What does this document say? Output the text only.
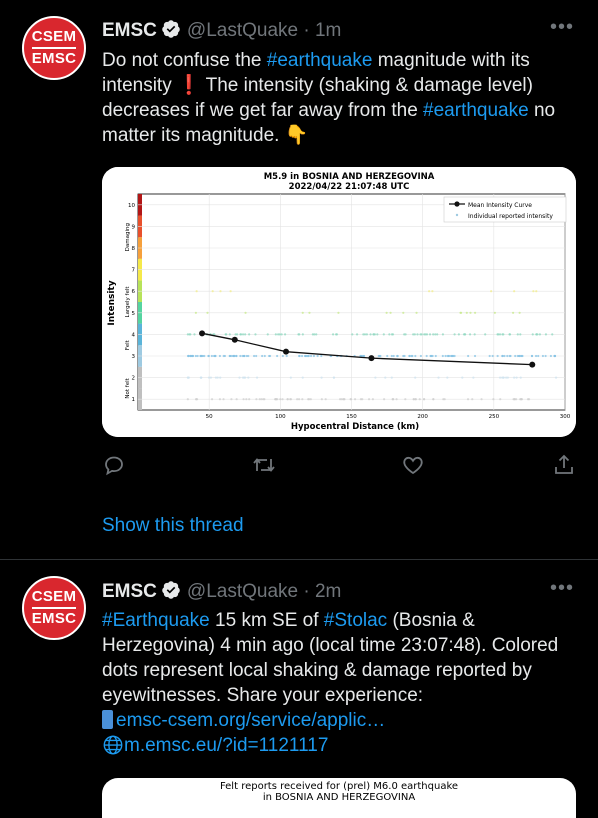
CSEM
EMSC
EMSC @LastQuake · 1m	•••
Do not confuse the #earthquake magnitude with its intensity ❗ The intensity (shaking & damage level) decreases if we get far away from the #earthquake no matter its magnitude. 👇
M5.9 in BOSNIA AND HERZEGOVINA
2022/04/22 21:07:48 UTC
1
2
3
4
5
6
7
8
9
10
50	100	150	200	250	300
Not felt
Felt
Largely felt
Damaging
Hypocentral Distance (km)
Intensity
Mean Intensity Curve
Individual reported intensity
Show this thread
CSEM
EMSC
EMSC @LastQuake · 2m	•••
#Earthquake 15 km SE of #Stolac (Bosnia & Herzegovina) 4 min ago (local time 23:07:48). Colored dots represent local shaking & damage reported by eyewitnesses. Share your experience:
emsc-csem.org/service/applic…
m.emsc.eu/?id=1121117
Felt reports received for (prel) M6.0 earthquake
in BOSNIA AND HERZEGOVINA
